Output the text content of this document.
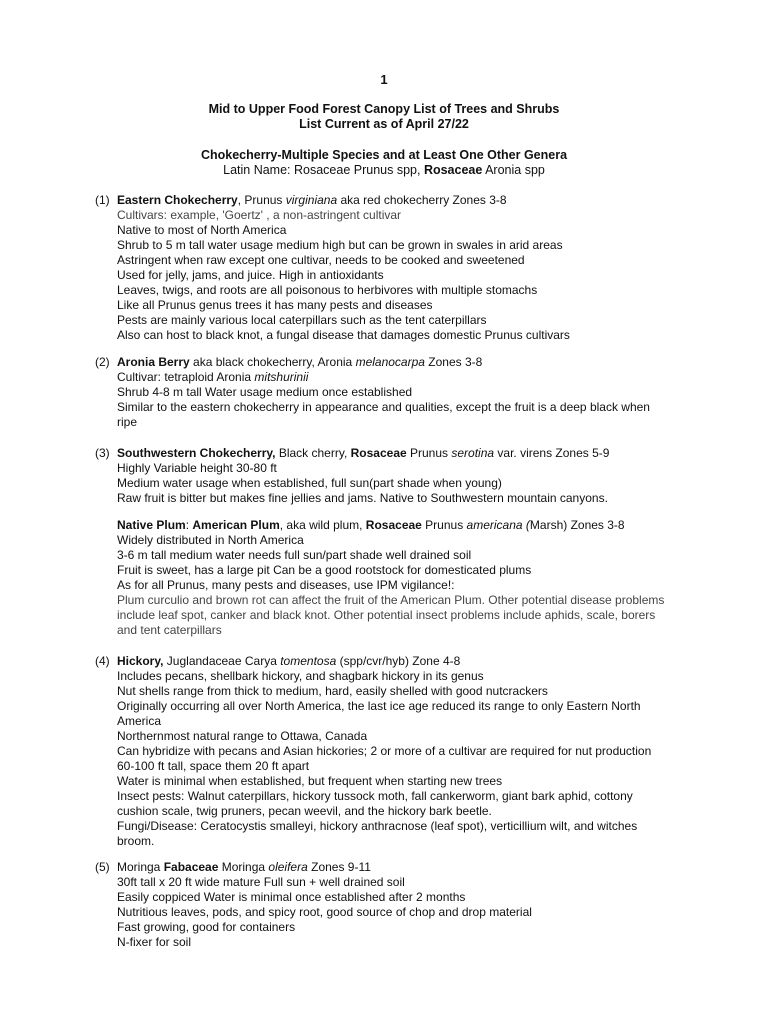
1
Mid to Upper Food Forest Canopy List of Trees and Shrubs
List Current as of April 27/22
Chokecherry-Multiple Species and at Least One Other Genera
Latin Name: Rosaceae Prunus spp, Rosaceae Aronia spp
(1) Eastern Chokecherry, Prunus virginiana aka red chokecherry Zones 3-8
Cultivars: example, 'Goertz' , a non-astringent cultivar
Native to most of North America
Shrub to 5 m tall water usage medium high but can be grown in swales in arid areas
Astringent when raw except one cultivar, needs to be cooked and sweetened
Used for jelly, jams, and juice. High in antioxidants
Leaves, twigs, and roots are all poisonous to herbivores with multiple stomachs
Like all Prunus genus trees it has many pests and diseases
Pests are mainly various local caterpillars such as the tent caterpillars
Also can host to black knot, a fungal disease that damages domestic Prunus cultivars
(2) Aronia Berry aka black chokecherry, Aronia melanocarpa Zones 3-8
Cultivar: tetraploid Aronia mitshurinii
Shrub 4-8 m tall Water usage medium once established
Similar to the eastern chokecherry in appearance and qualities, except the fruit is a deep black when
ripe
(3) Southwestern Chokecherry, Black cherry, Rosaceae Prunus serotina var. virens Zones 5-9
Highly Variable height 30-80 ft
Medium water usage when established, full sun(part shade when young)
Raw fruit is bitter but makes fine jellies and jams. Native to Southwestern mountain canyons.
Native Plum: American Plum, aka wild plum, Rosaceae Prunus americana (Marsh) Zones 3-8
Widely distributed in North America
3-6 m tall medium water needs full sun/part shade well drained soil
Fruit is sweet, has a large pit Can be a good rootstock for domesticated plums
As for all Prunus, many pests and diseases, use IPM vigilance!:
Plum curculio and brown rot can affect the fruit of the American Plum. Other potential disease problems
include leaf spot, canker and black knot. Other potential insect problems include aphids, scale, borers
and tent caterpillars
(4) Hickory, Juglandaceae Carya tomentosa (spp/cvr/hyb) Zone 4-8
Includes pecans, shellbark hickory, and shagbark hickory in its genus
Nut shells range from thick to medium, hard, easily shelled with good nutcrackers
Originally occurring all over North America, the last ice age reduced its range to only Eastern North
America
Northernmost natural range to Ottawa, Canada
Can hybridize with pecans and Asian hickories; 2 or more of a cultivar are required for nut production
60-100 ft tall, space them 20 ft apart
Water is minimal when established, but frequent when starting new trees
Insect pests: Walnut caterpillars, hickory tussock moth, fall cankerworm, giant bark aphid, cottony
cushion scale, twig pruners, pecan weevil, and the hickory bark beetle.
Fungi/Disease: Ceratocystis smalleyi, hickory anthracnose (leaf spot), verticillium wilt, and witches
broom.
(5) Moringa Fabaceae Moringa oleifera Zones 9-11
30ft tall x 20 ft wide mature Full sun + well drained soil
Easily coppiced Water is minimal once established after 2 months
Nutritious leaves, pods, and spicy root, good source of chop and drop material
Fast growing, good for containers
N-fixer for soil
